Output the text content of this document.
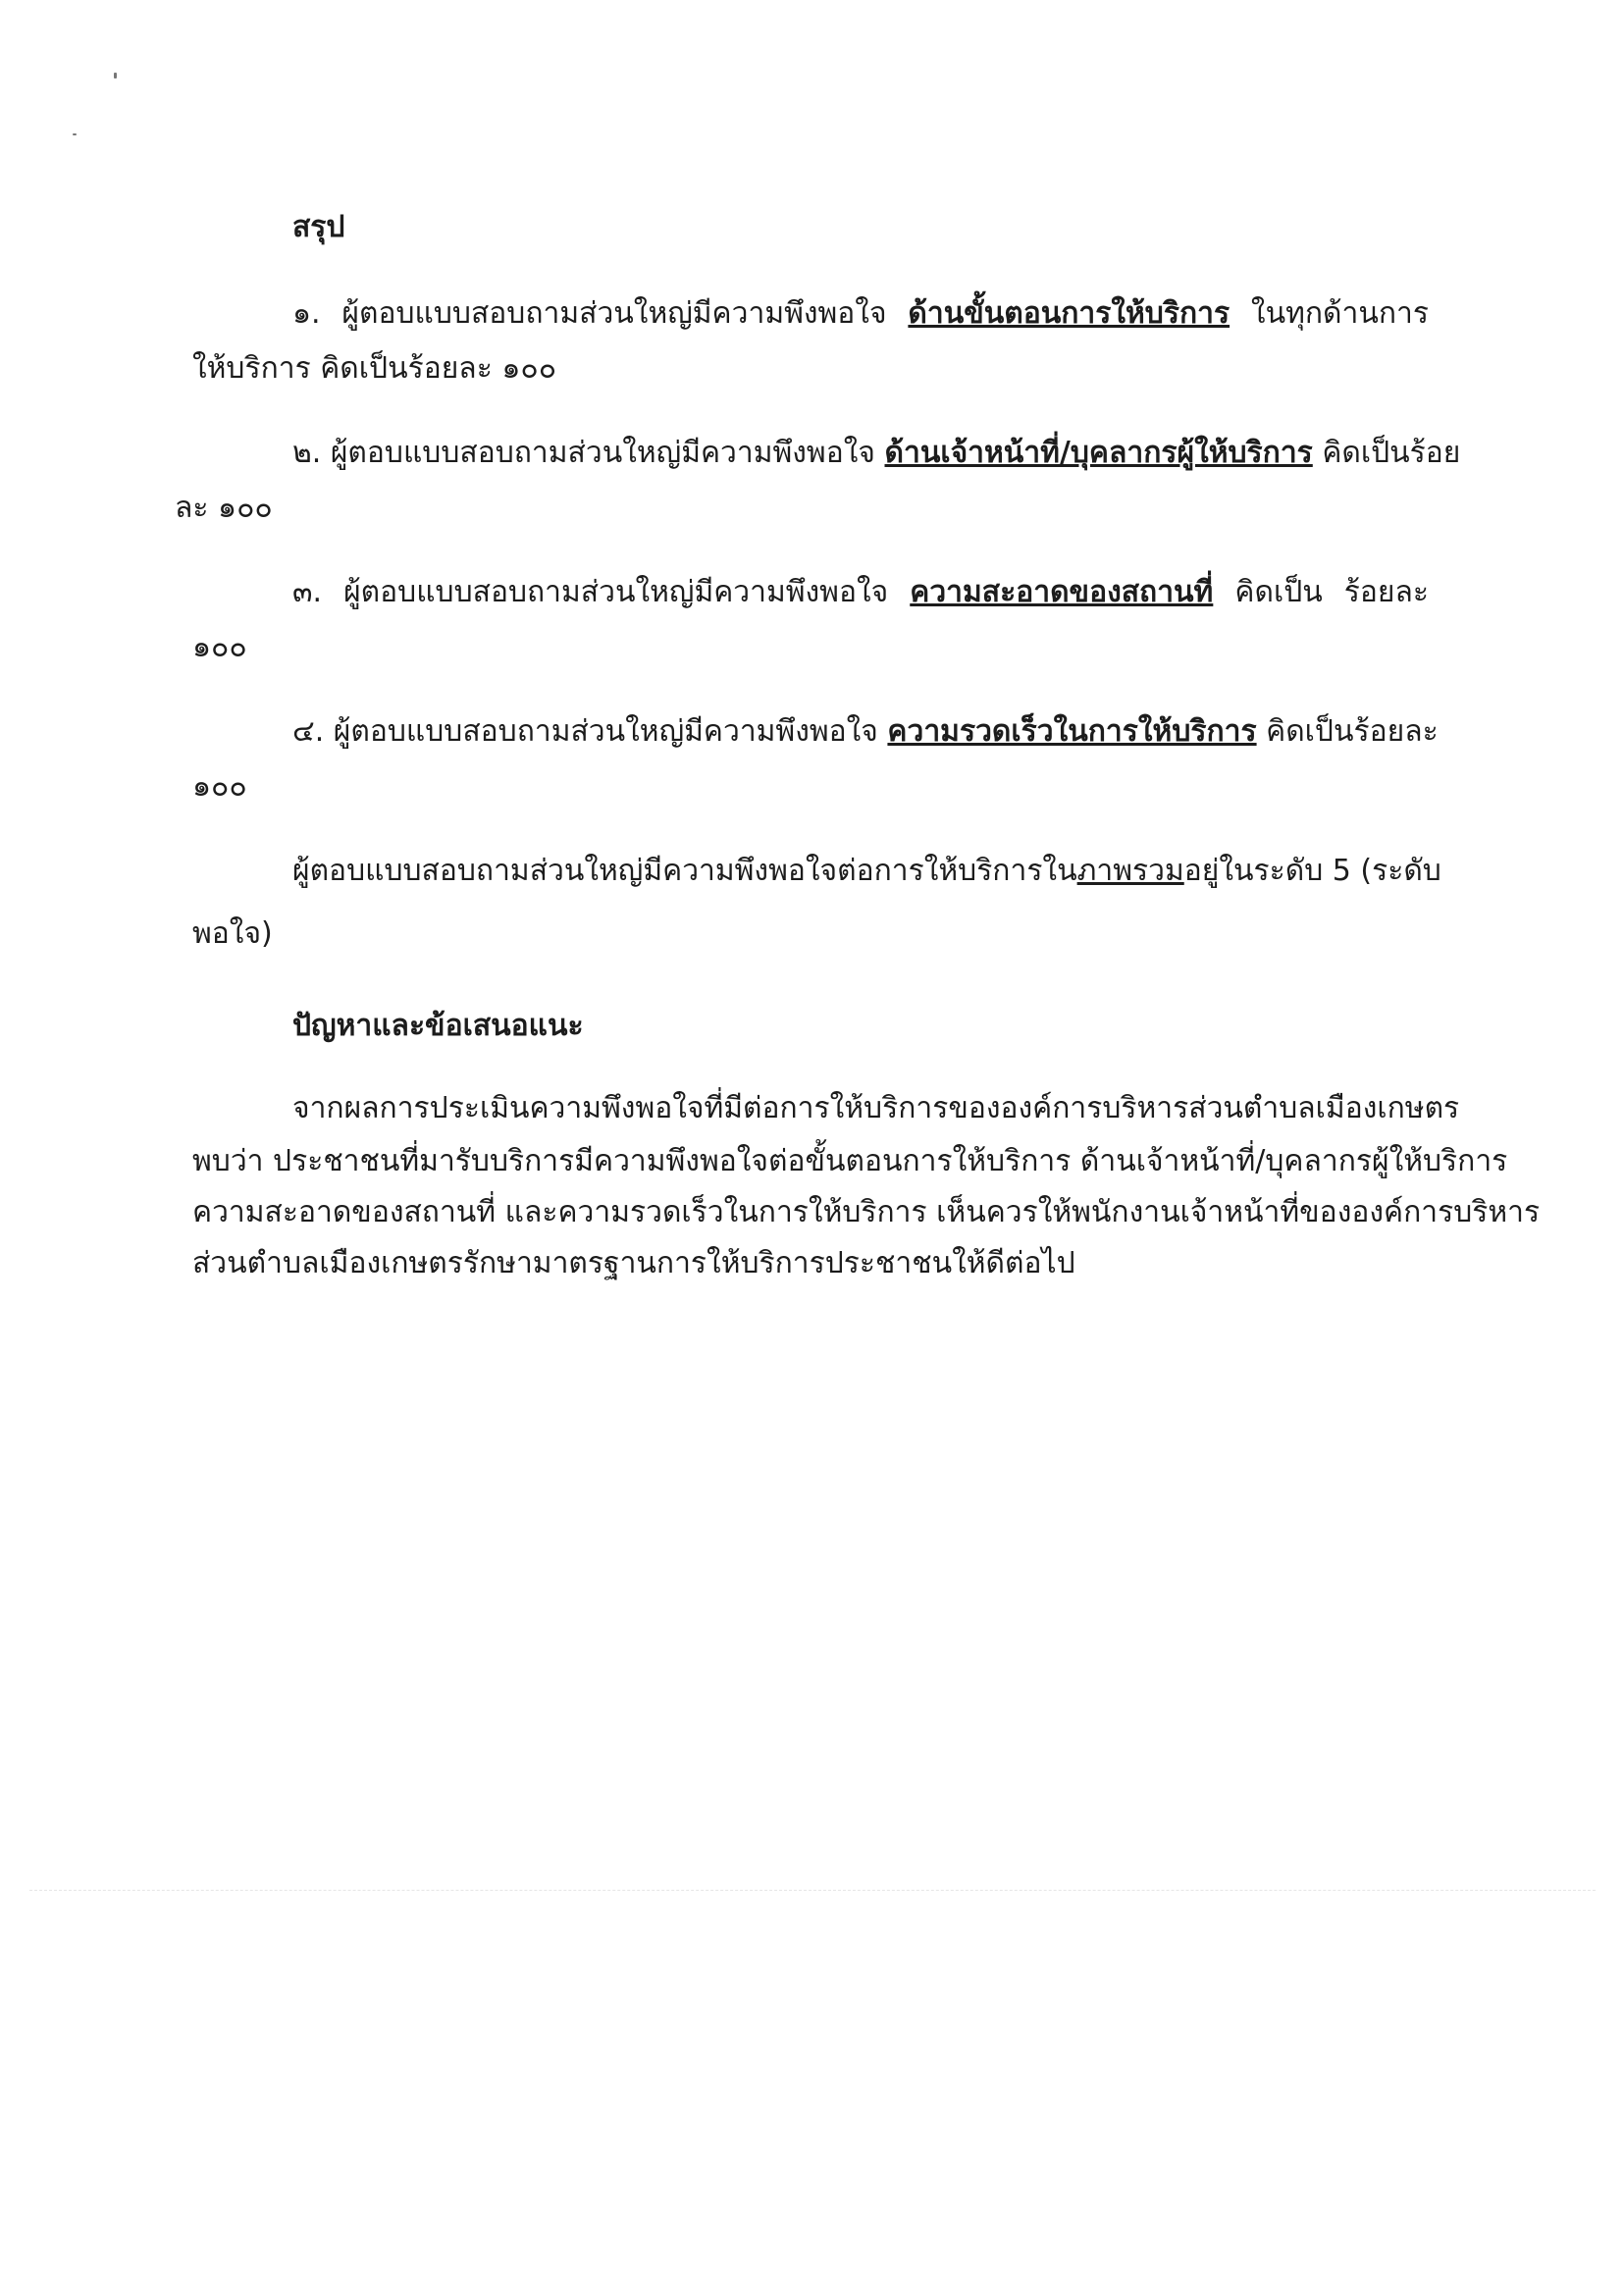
สรุป
๑. ผู้ตอบแบบสอบถามส่วนใหญ่มีความพึงพอใจ ด้านขั้นตอนการให้บริการ ในทุกด้านการ
ให้บริการ คิดเป็นร้อยละ ๑๐๐
๒. ผู้ตอบแบบสอบถามส่วนใหญ่มีความพึงพอใจ ด้านเจ้าหน้าที่/บุคลากรผู้ให้บริการ คิดเป็นร้อย
ละ ๑๐๐
๓. ผู้ตอบแบบสอบถามส่วนใหญ่มีความพึงพอใจ ความสะอาดของสถานที่ คิดเป็น ร้อยละ
๑๐๐
๔. ผู้ตอบแบบสอบถามส่วนใหญ่มีความพึงพอใจ ความรวดเร็วในการให้บริการ คิดเป็นร้อยละ
๑๐๐
ผู้ตอบแบบสอบถามส่วนใหญ่มีความพึงพอใจต่อการให้บริการในภาพรวมอยู่ในระดับ 5 (ระดับ
พอใจ)
ปัญหาและข้อเสนอแนะ
จากผลการประเมินความพึงพอใจที่มีต่อการให้บริการขององค์การบริหารส่วนตำบลเมืองเกษตร
พบว่า ประชาชนที่มารับบริการมีความพึงพอใจต่อขั้นตอนการให้บริการ ด้านเจ้าหน้าที่/บุคลากรผู้ให้บริการ
ความสะอาดของสถานที่ และความรวดเร็วในการให้บริการ เห็นควรให้พนักงานเจ้าหน้าที่ขององค์การบริหาร
ส่วนตำบลเมืองเกษตรรักษามาตรฐานการให้บริการประชาชนให้ดีต่อไป
